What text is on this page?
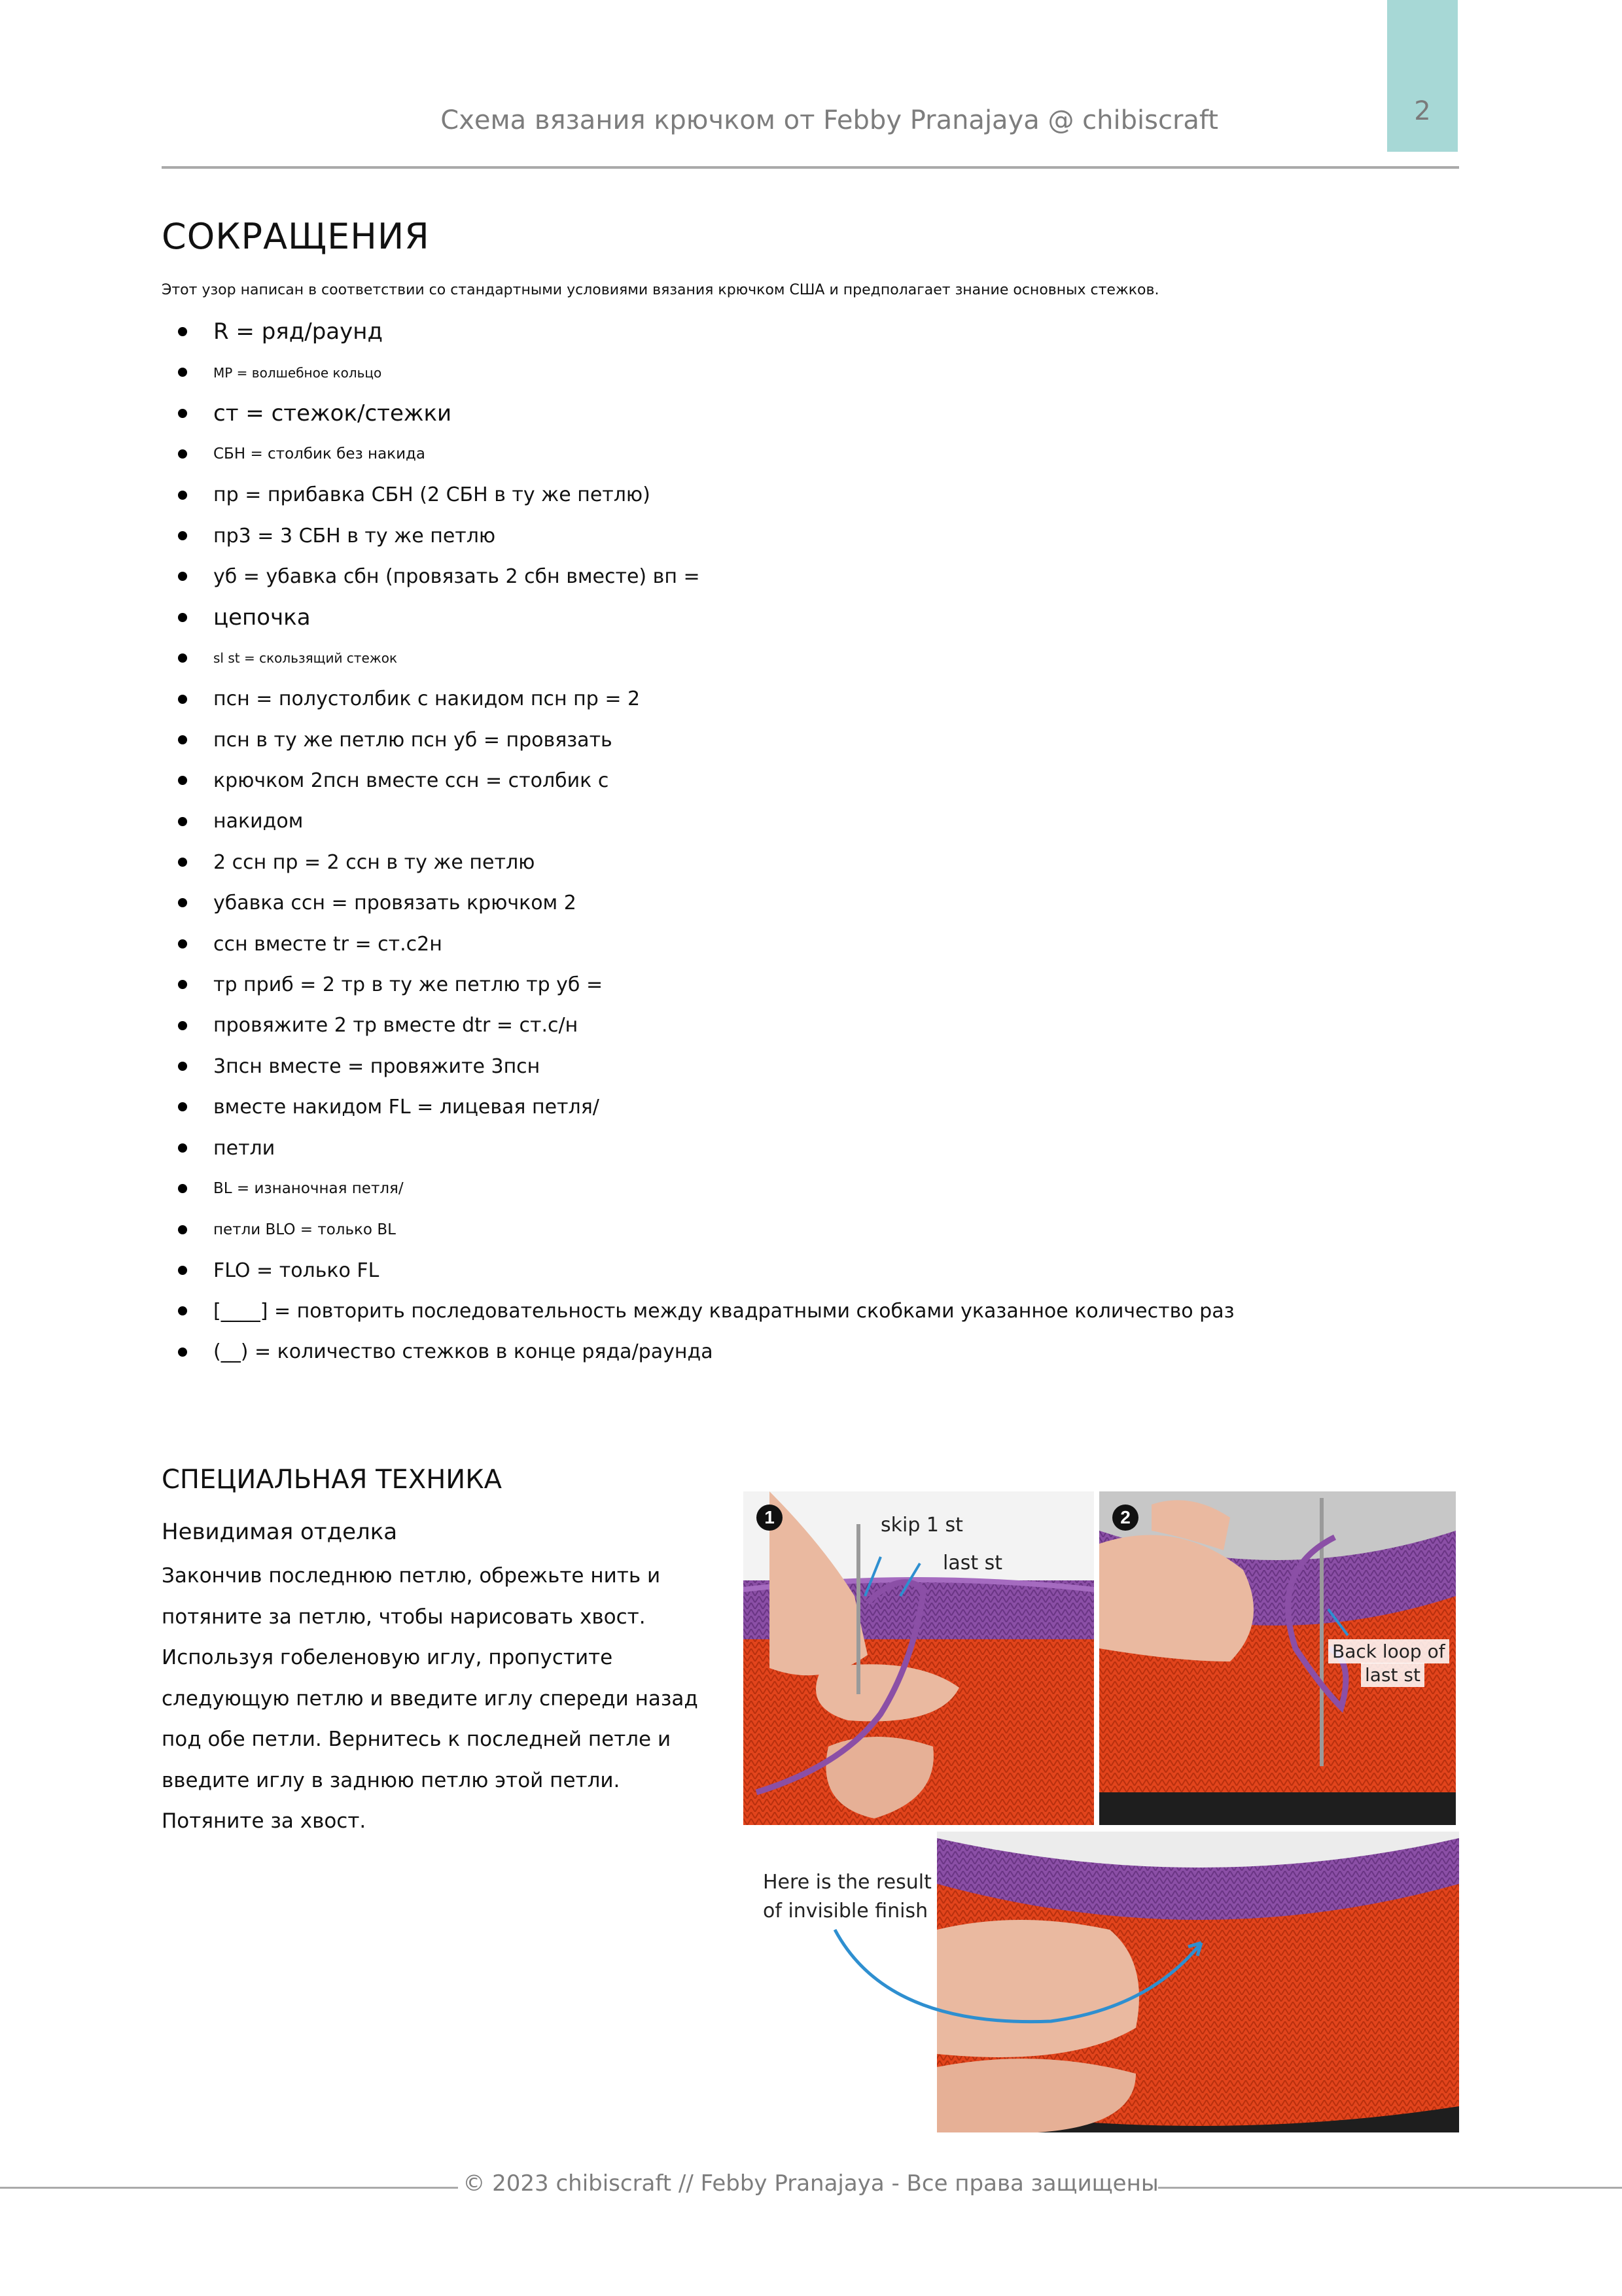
2
Схема вязания крючком от Febby Pranajaya @ chibiscraft
СОКРАЩЕНИЯ
Этот узор написан в соответствии со стандартными условиями вязания крючком США и предполагает знание основных стежков.
R = ряд/раунд
MP = волшебное кольцо
ст = стежок/стежки
СБН = столбик без накида
пр = прибавка СБН (2 СБН в ту же петлю)
пр3 = 3 СБН в ту же петлю
уб = убавка сбн (провязать 2 сбн вместе) вп =
цепочка
sl st = скользящий стежок
псн = полустолбик с накидом псн пр = 2
псн в ту же петлю псн уб = провязать
крючком 2псн вместе ссн = столбик с
накидом
2 ссн пр = 2 ссн в ту же петлю
убавка ссн = провязать крючком 2
ссн вместе tr = ст.с2н
тр приб = 2 тр в ту же петлю тр уб =
провяжите 2 тр вместе dtr = ст.с/н
3псн вместе = провяжите 3псн
вместе накидом FL = лицевая петля/
петли
BL = изнаночная петля/
петли BLO = только BL
FLO = только FL
[____] = повторить последовательность между квадратными скобками указанное количество раз
(__) = количество стежков в конце ряда/раунда
СПЕЦИАЛЬНАЯ ТЕХНИКА
Невидимая отделка
Закончив последнюю петлю, обрежьте нить и
потяните за петлю, чтобы нарисовать хвост.
Используя гобеленовую иглу, пропустите
следующую петлю и введите иглу спереди назад
под обе петли. Вернитесь к последней петле и
введите иглу в заднюю петлю этой петли.
Потяните за хвост.
1	skip 1 st
last st
2
Back loop of
last st
Here is the result
of invisible finish
© 2023 chibiscraft // Febby Pranajaya - Все права защищены
